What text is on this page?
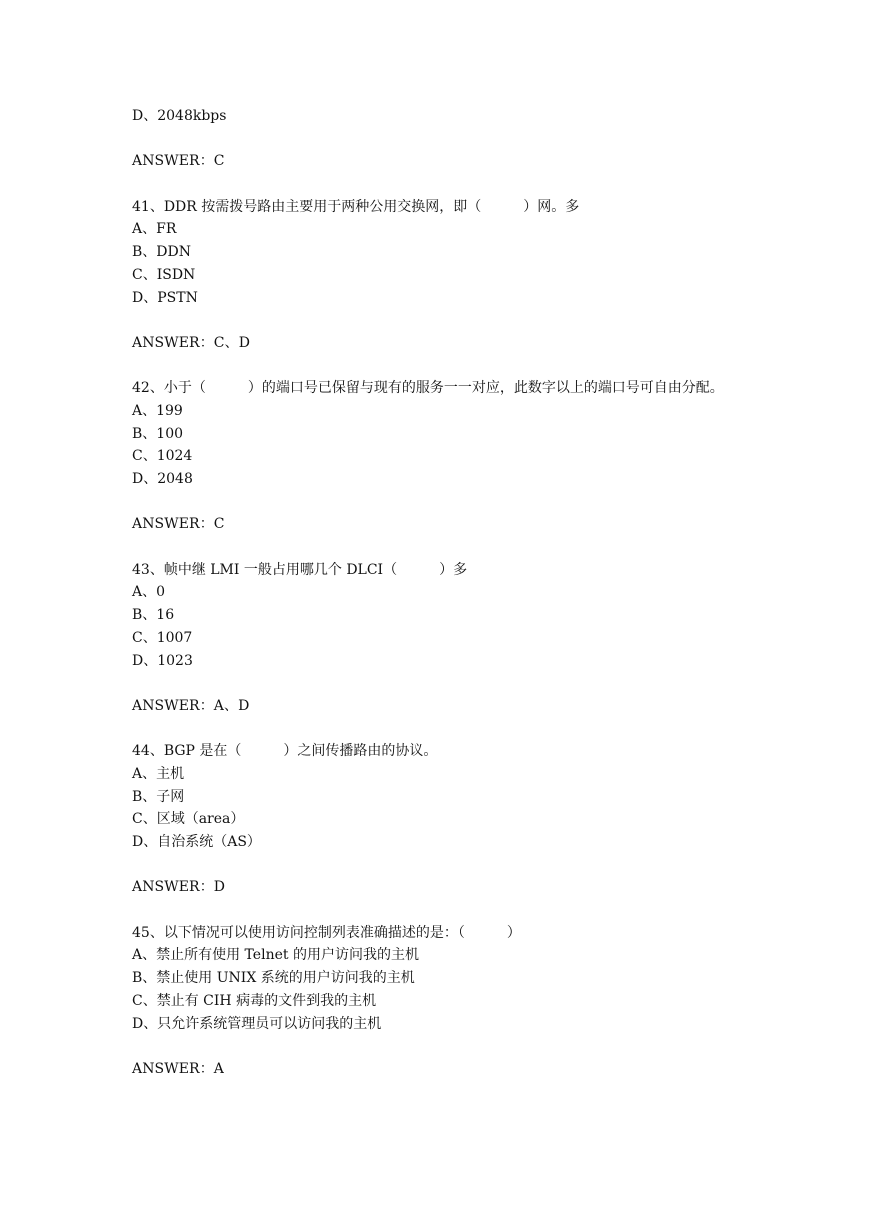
D、2048kbps
ANSWER：C
41、DDR 按需拨号路由主要用于两种公用交换网，即（　　　）网。多
A、FR
B、DDN
C、ISDN
D、PSTN
ANSWER：C、D
42、小于（　　　）的端口号已保留与现有的服务一一对应，此数字以上的端口号可自由分配。
A、199
B、100
C、1024
D、2048
ANSWER：C
43、帧中继 LMI 一般占用哪几个 DLCI（　　　）多
A、0
B、16
C、1007
D、1023
ANSWER：A、D
44、BGP 是在（　　　）之间传播路由的协议。
A、主机
B、子网
C、区域（area）
D、自治系统（AS）
ANSWER：D
45、以下情况可以使用访问控制列表准确描述的是：（　　　）
A、禁止所有使用 Telnet 的用户访问我的主机
B、禁止使用 UNIX 系统的用户访问我的主机
C、禁止有 CIH 病毒的文件到我的主机
D、只允许系统管理员可以访问我的主机
ANSWER：A
